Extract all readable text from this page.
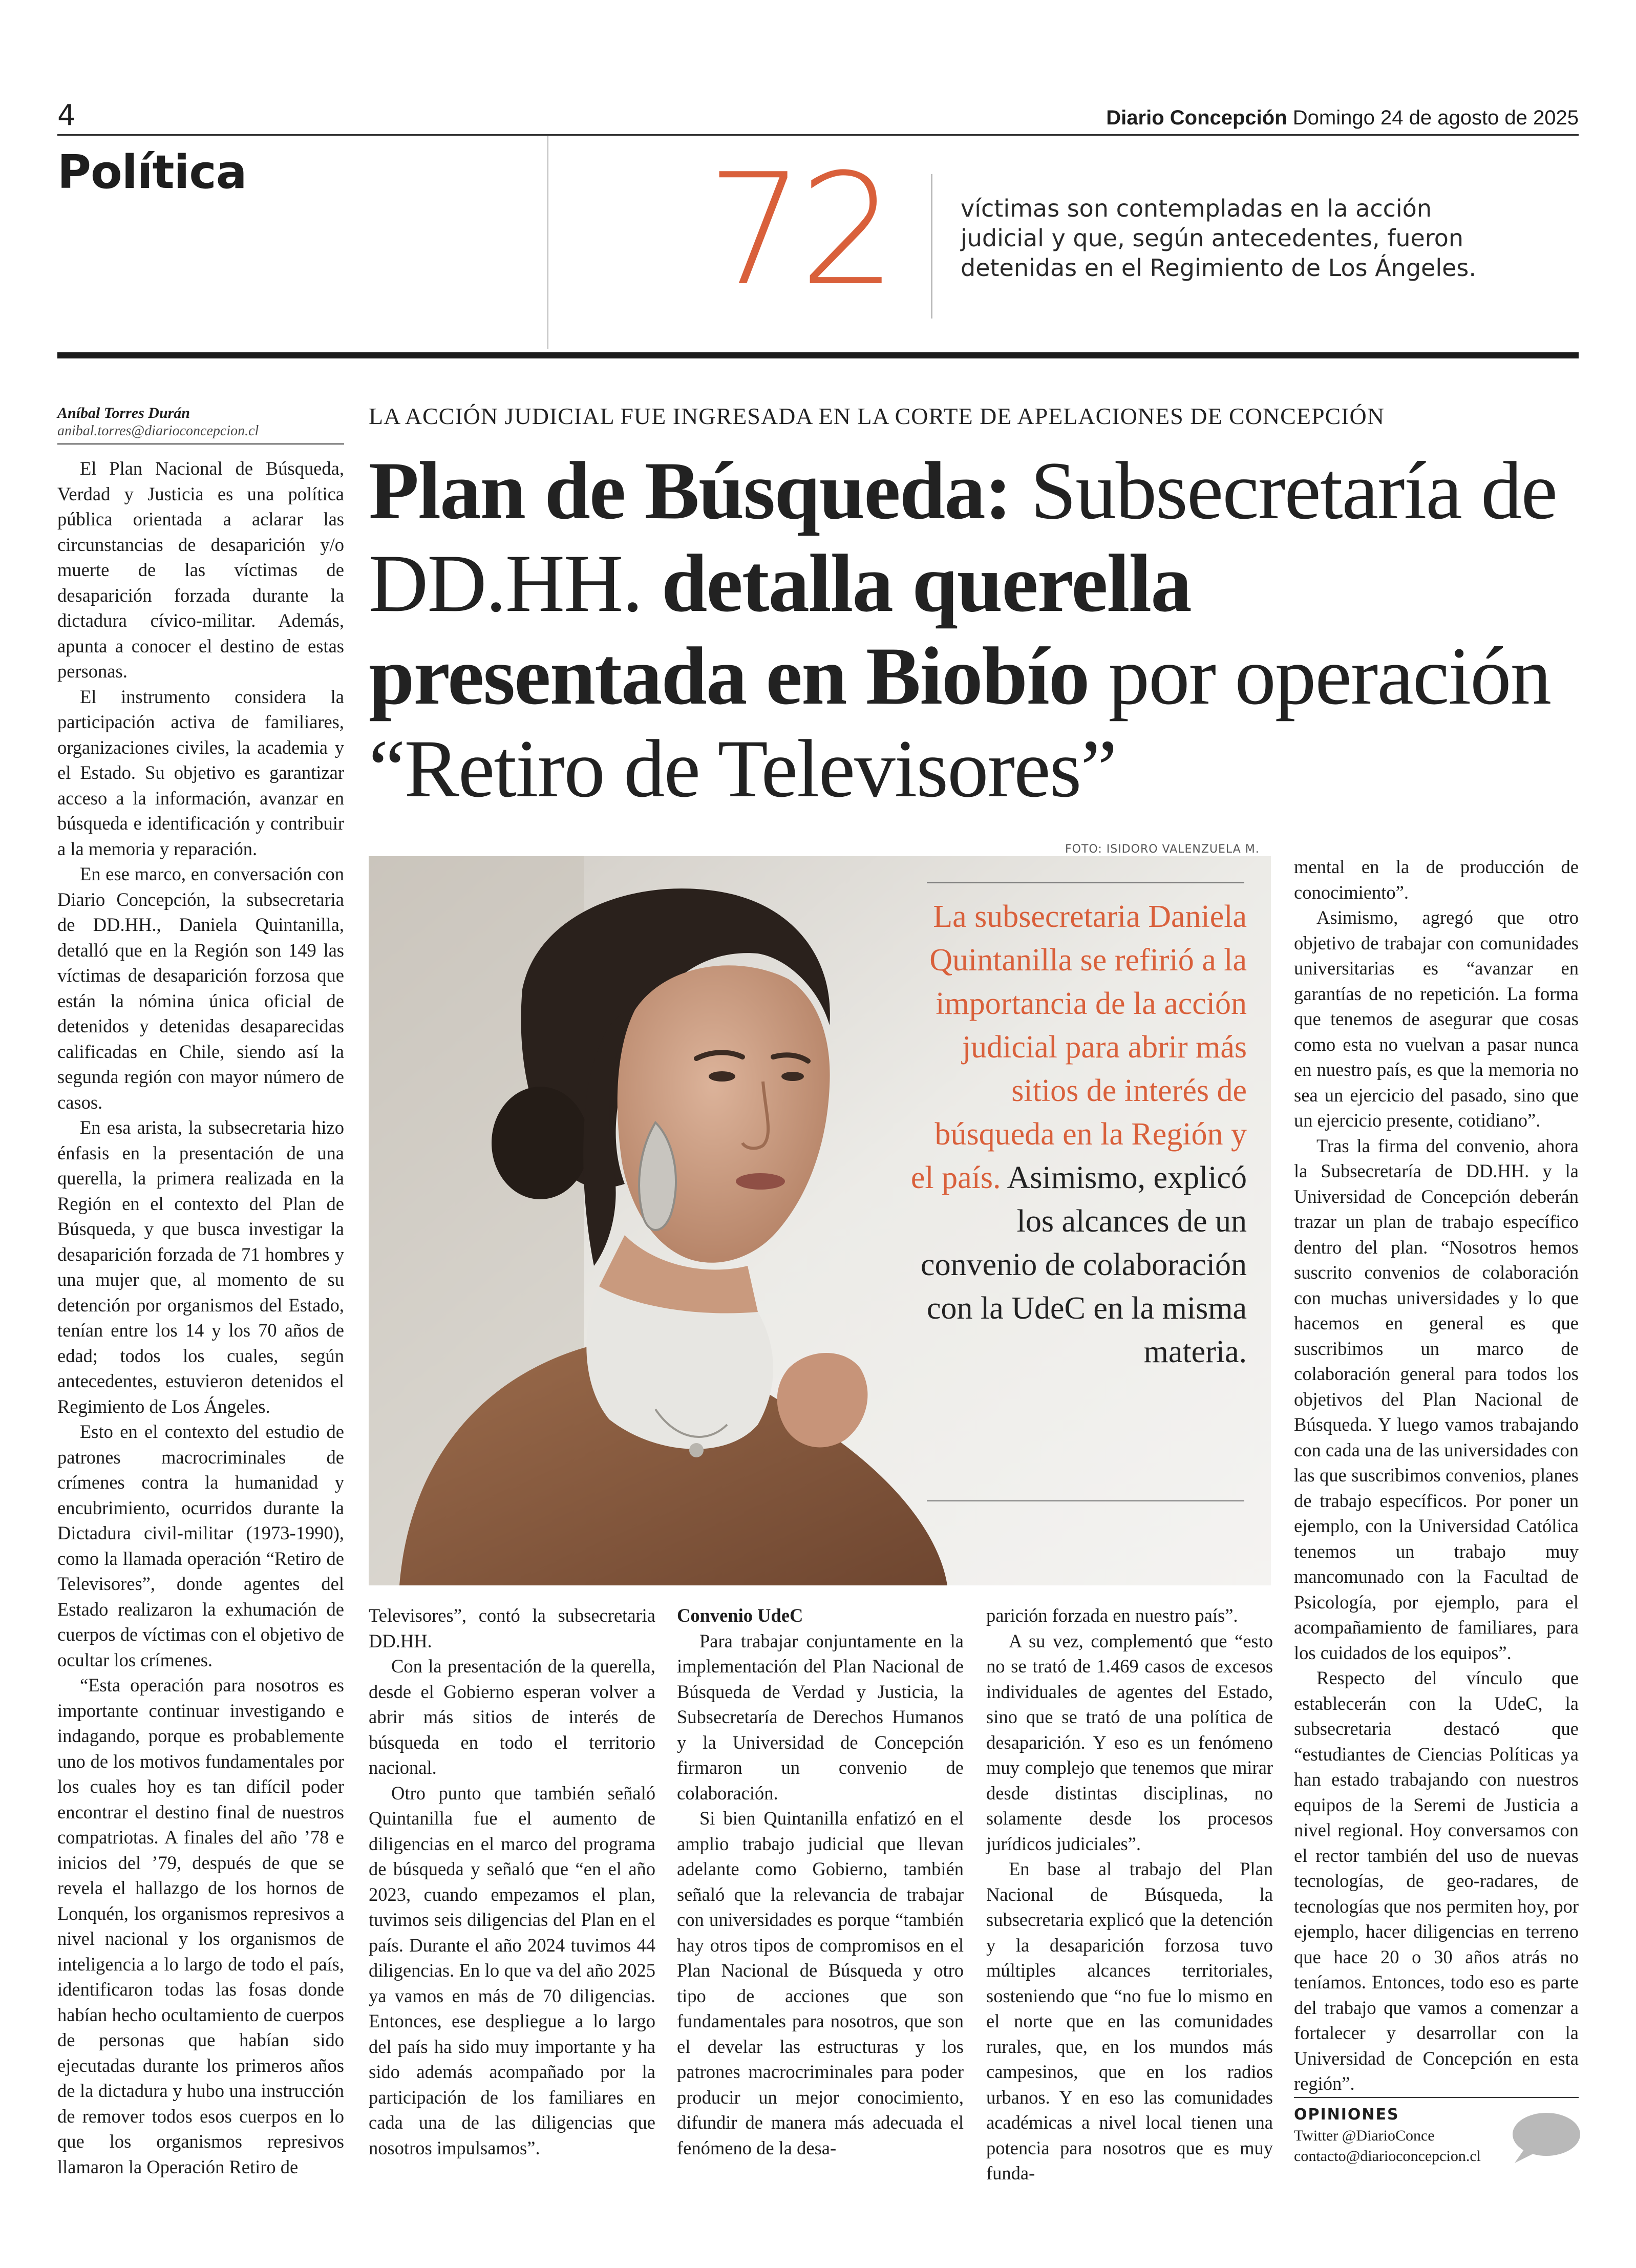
4	Diario Concepción Domingo 24 de agosto de 2025
Política	72	víctimas son contempladas en la acción judicial y que, según antecedentes, fueron detenidas en el Regimiento de Los Ángeles.
Aníbal Torres Durán
anibal.torres@diarioconcepcion.cl

El Plan Nacional de Búsqueda, Verdad y Justicia es una política pública orientada a aclarar las circunstancias de desaparición y/o muerte de las víctimas de desaparición forzada durante la dictadura cívico-militar. Además, apunta a conocer el destino de estas personas.

El instrumento considera la participación activa de familiares, organizaciones civiles, la academia y el Estado. Su objetivo es garantizar acceso a la información, avanzar en búsqueda e identificación y contribuir a la memoria y reparación.

En ese marco, en conversación con Diario Concepción, la subsecretaria de DD.HH., Daniela Quintanilla, detalló que en la Región son 149 las víctimas de desaparición forzosa que están la nómina única oficial de detenidos y detenidas desaparecidas calificadas en Chile, siendo así la segunda región con mayor número de casos.

En esa arista, la subsecretaria hizo énfasis en la presentación de una querella, la primera realizada en la Región en el contexto del Plan de Búsqueda, y que busca investigar la desaparición forzada de 71 hombres y una mujer que, al momento de su detención por organismos del Estado, tenían entre los 14 y los 70 años de edad; todos los cuales, según antecedentes, estuvieron detenidos el Regimiento de Los Ángeles.

Esto en el contexto del estudio de patrones macrocriminales de crímenes contra la humanidad y encubrimiento, ocurridos durante la Dictadura civil-militar (1973-1990), como la llamada operación “Retiro de Televisores”, donde agentes del Estado realizaron la exhumación de cuerpos de víctimas con el objetivo de ocultar los crímenes.

“Esta operación para nosotros es importante continuar investigando e indagando, porque es probablemente uno de los motivos fundamentales por los cuales hoy es tan difícil poder encontrar el destino final de nuestros compatriotas. A finales del año ’78 e inicios del ’79, después de que se revela el hallazgo de los hornos de Lonquén, los organismos represivos a nivel nacional y los organismos de inteligencia a lo largo de todo el país, identificaron todas las fosas donde habían hecho ocultamiento de cuerpos de personas que habían sido ejecutadas durante los primeros años de la dictadura y hubo una instrucción de remover todos esos cuerpos en lo que los organismos represivos llamaron la Operación Retiro de

LA ACCIÓN JUDICIAL FUE INGRESADA EN LA CORTE DE APELACIONES DE CONCEPCIÓN
Plan de Búsqueda: Subsecretaría de DD.HH. detalla querella presentada en Biobío por operación “Retiro de Televisores”
FOTO: ISIDORO VALENZUELA M.
La subsecretaria Daniela Quintanilla se refirió a la importancia de la acción judicial para abrir más sitios de interés de búsqueda en la Región y el país. Asimismo, explicó los alcances de un convenio de colaboración con la UdeC en la misma materia.

Televisores”, contó la subsecretaria DD.HH.

Con la presentación de la querella, desde el Gobierno esperan volver a abrir más sitios de interés de búsqueda en todo el territorio nacional.

Otro punto que también señaló Quintanilla fue el aumento de diligencias en el marco del programa de búsqueda y señaló que “en el año 2023, cuando empezamos el plan, tuvimos seis diligencias del Plan en el país. Durante el año 2024 tuvimos 44 diligencias. En lo que va del año 2025 ya vamos en más de 70 diligencias. Entonces, ese despliegue a lo largo del país ha sido muy importante y ha sido además acompañado por la participación de los familiares en cada una de las diligencias que nosotros impulsamos”.

Convenio UdeC

Para trabajar conjuntamente en la implementación del Plan Nacional de Búsqueda de Verdad y Justicia, la Subsecretaría de Derechos Humanos y la Universidad de Concepción firmaron un convenio de colaboración.

Si bien Quintanilla enfatizó en el amplio trabajo judicial que llevan adelante como Gobierno, también señaló que la relevancia de trabajar con universidades es porque “también hay otros tipos de compromisos en el Plan Nacional de Búsqueda y otro tipo de acciones que son fundamentales para nosotros, que son el develar las estructuras y los patrones macrocriminales para poder producir un mejor conocimiento, difundir de manera más adecuada el fenómeno de la desa-

parición forzada en nuestro país”.

A su vez, complementó que “esto no se trató de 1.469 casos de excesos individuales de agentes del Estado, sino que se trató de una política de desaparición. Y eso es un fenómeno muy complejo que tenemos que mirar desde distintas disciplinas, no solamente desde los procesos jurídicos judiciales”.

En base al trabajo del Plan Nacional de Búsqueda, la subsecretaria explicó que la detención y la desaparición forzosa tuvo múltiples alcances territoriales, sosteniendo que “no fue lo mismo en el norte que en las comunidades rurales, que, en los mundos más campesinos, que en los radios urbanos. Y en eso las comunidades académicas a nivel local tienen una potencia para nosotros que es muy funda-

mental en la de producción de conocimiento”.

Asimismo, agregó que otro objetivo de trabajar con comunidades universitarias es “avanzar en garantías de no repetición. La forma que tenemos de asegurar que cosas como esta no vuelvan a pasar nunca en nuestro país, es que la memoria no sea un ejercicio del pasado, sino que un ejercicio presente, cotidiano”.

Tras la firma del convenio, ahora la Subsecretaría de DD.HH. y la Universidad de Concepción deberán trazar un plan de trabajo específico dentro del plan. “Nosotros hemos suscrito convenios de colaboración con muchas universidades y lo que hacemos en general es que suscribimos un marco de colaboración general para todos los objetivos del Plan Nacional de Búsqueda. Y luego vamos trabajando con cada una de las universidades con las que suscribimos convenios, planes de trabajo específicos. Por poner un ejemplo, con la Universidad Católica tenemos un trabajo muy mancomunado con la Facultad de Psicología, por ejemplo, para el acompañamiento de familiares, para los cuidados de los equipos”.

Respecto del vínculo que establecerán con la UdeC, la subsecretaria destacó que “estudiantes de Ciencias Políticas ya han estado trabajando con nuestros equipos de la Seremi de Justicia a nivel regional. Hoy conversamos con el rector también del uso de nuevas tecnologías, de geo-radares, de tecnologías que nos permiten hoy, por ejemplo, hacer diligencias en terreno que hace 20 o 30 años atrás no teníamos. Entonces, todo eso es parte del trabajo que vamos a comenzar a fortalecer y desarrollar con la Universidad de Concepción en esta región”.

OPINIONES
Twitter @DiarioConce
contacto@diarioconcepcion.cl
